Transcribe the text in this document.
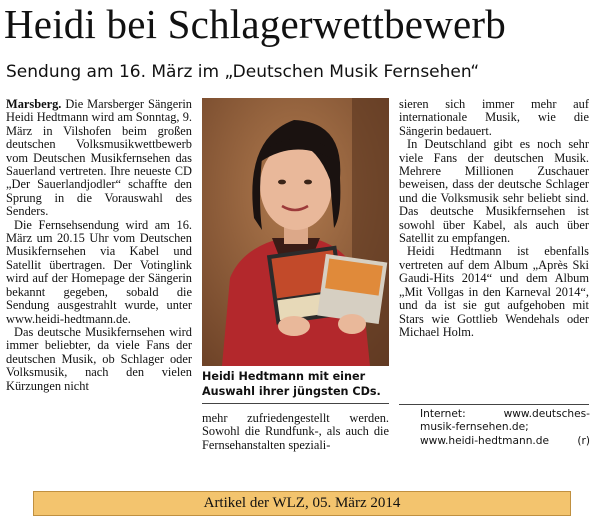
Heidi bei Schlagerwettbewerb
Sendung am 16. März im „Deutschen Musik Fernsehen“

Marsberg. Die Marsberger Sängerin Heidi Hedtmann wird am Sonntag, 9. März in Vilshofen beim großen deutschen Volksmusikwettbewerb vom Deutschen Musikfernsehen das Sauerland vertreten. Ihre neueste CD „Der Sauerlandjodler“ schaffte den Sprung in die Vorauswahl des Senders.

Die Fernsehsendung wird am 16. März um 20.15 Uhr vom Deutschen Musikfernsehen via Kabel und Satellit übertragen. Der Votinglink wird auf der Homepage der Sängerin bekannt gegeben, sobald die Sendung ausgestrahlt wurde, unter www.heidi-hedtmann.de.

Das deutsche Musikfernsehen wird immer beliebter, da viele Fans der deutschen Musik, ob Schlager oder Volksmusik, nach den vielen Kürzungen nicht

Heidi Hedtmann mit einer Auswahl ihrer jüngsten CDs.

mehr zufriedengestellt werden. Sowohl die Rundfunk-, als auch die Fernsehanstalten speziali-

sieren sich immer mehr auf internationale Musik, wie die Sängerin bedauert.

In Deutschland gibt es noch sehr viele Fans der deutschen Musik. Mehrere Millionen Zuschauer beweisen, dass der deutsche Schlager und die Volksmusik sehr beliebt sind. Das deutsche Musikfernsehen ist sowohl über Kabel, als auch über Satellit zu empfangen.

Heidi Hedtmann ist ebenfalls vertreten auf dem Album „Après Ski Gaudi-Hits 2014“ und dem Album „Mit Vollgas in den Karneval 2014“, und da ist sie gut aufgehoben mit Stars wie Gottlieb Wendehals oder Michael Holm.

Internet: www.deutsches-musik-fernsehen.de; www.heidi-hedtmann.de	(r)
Artikel der WLZ, 05. März 2014
